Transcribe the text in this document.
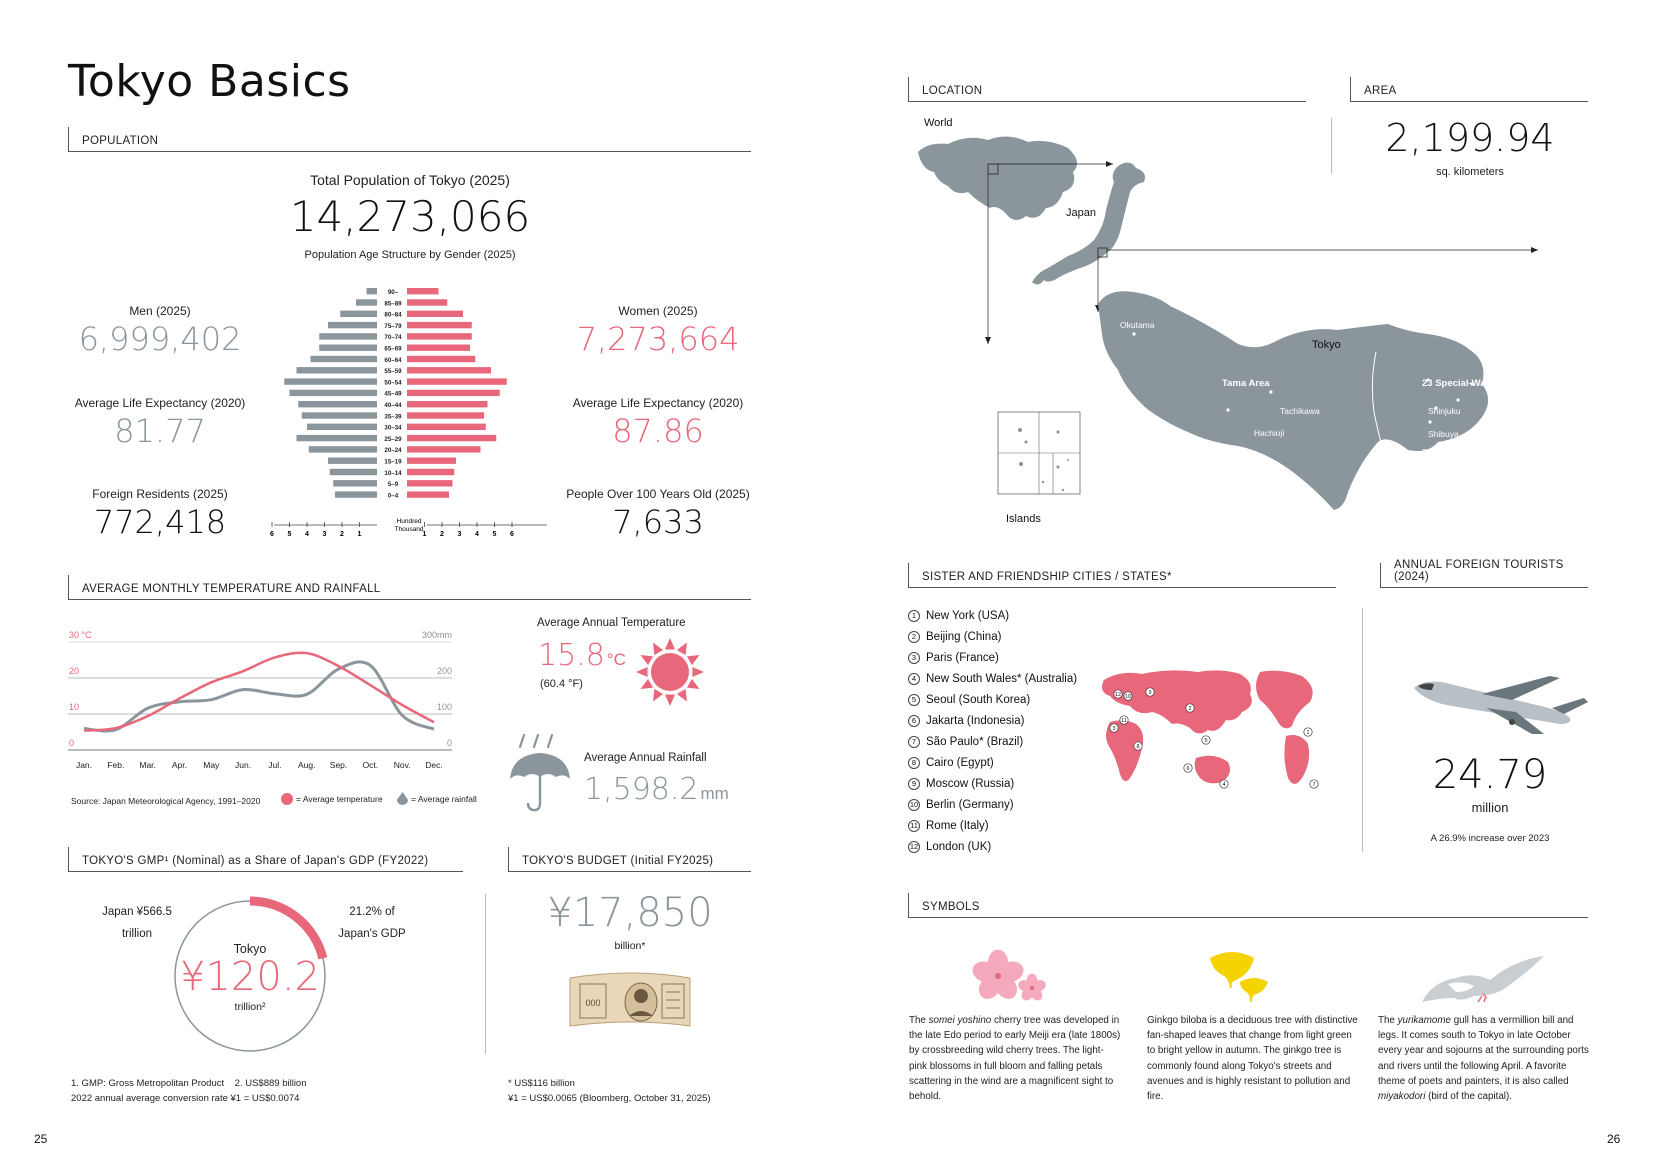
Tokyo Basics
POPULATION
Total Population of Tokyo (2025)
14,273,066
Population Age Structure by Gender (2025)
Men (2025)
6,999,402
Average Life Expectancy (2020)
81.77
Foreign Residents (2025)
772,418
Women (2025)
7,273,664
Average Life Expectancy (2020)
87.86
People Over 100 Years Old (2025)
7,633
90–
85–89
80–84
75–79
70–74
65–69
60–64
55–59
50–54
45–49
40–44
35–39
30–34
25–29
20–24
15–19
10–14
5–9
0–4
6 5 4 3 2 1	1 2 3 4 5 6
Hundred
Thousand
AVERAGE MONTHLY TEMPERATURE AND RAINFALL
0	0
10	100
20	200
30 °C	300mm
Jan. Feb. Mar. Apr. May Jun. Jul. Aug. Sep. Oct. Nov. Dec.
Source: Japan Meteorological Agency, 1991–2020	= Average temperature	= Average rainfall
Average Annual Temperature
15.8 °C
(60.4 °F)
Average Annual Rainfall
1,598.2 mm
TOKYO'S GMP¹ (Nominal) as a Share of Japan's GDP (FY2022)
Japan ¥566.5
trillion
21.2% of
Japan's GDP
Tokyo
¥120.2
trillion²
1. GMP: Gross Metropolitan Product    2. US$889 billion
2022 annual average conversion rate ¥1 = US$0.0074
TOKYO'S BUDGET (Initial FY2025)
¥17,850
billion*
000
* US$116 billion
¥1 = US$0.0065 (Bloomberg, October 31, 2025)
25
LOCATION
World
Japan
Tokyo
Islands
Okutama
Tama Area
Tachikawa
Hachioji
23 Special-Ward Area
Shinjuku
Ueno
Tokyo
Shibuya
Shinagawa
AREA
2,199.94
sq. kilometers
SISTER AND FRIENDSHIP CITIES / STATES*
1 New York (USA)
2 Beijing (China)
3 Paris (France)
4 New South Wales* (Australia)
5 Seoul (South Korea)
6 Jakarta (Indonesia)
7 São Paulo* (Brazil)
8 Cairo (Egypt)
9 Moscow (Russia)
10 Berlin (Germany)
11 Rome (Italy)
12 London (UK)
1
2
3
4
5
6
7
8
9
10
11
12
ANNUAL FOREIGN TOURISTS (2024)
24.79
million
A 26.9% increase over 2023
SYMBOLS
The somei yoshino cherry tree was developed in the late Edo period to early Meiji era (late 1800s) by crossbreeding wild cherry trees. The light-pink blossoms in full bloom and falling petals scattering in the wind are a magnificent sight to behold.
Ginkgo biloba is a deciduous tree with distinctive fan-shaped leaves that change from light green to bright yellow in autumn. The ginkgo tree is commonly found along Tokyo's streets and avenues and is highly resistant to pollution and fire.
The yurikamome gull has a vermillion bill and legs. It comes south to Tokyo in late October every year and sojourns at the surrounding ports and rivers until the following April. A favorite theme of poets and painters, it is also called miyakodori (bird of the capital).
26
